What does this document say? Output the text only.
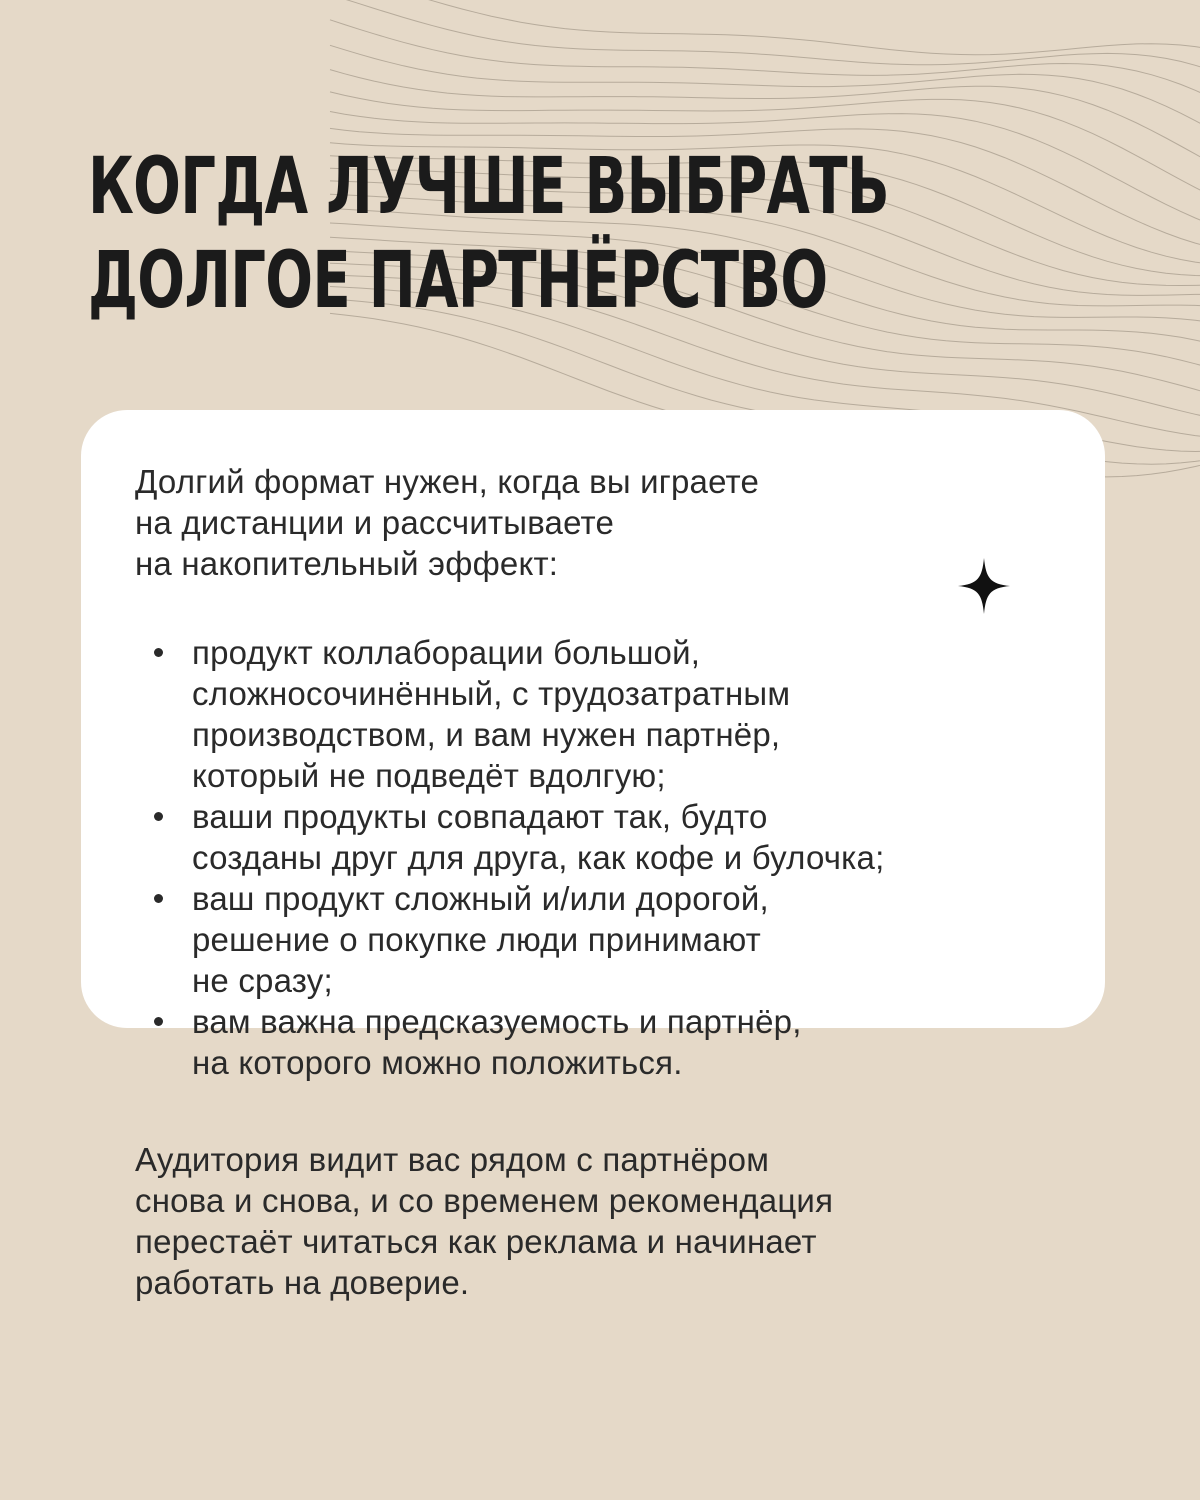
КОГДА ЛУЧШЕ ВЫБРАТЬ
ДОЛГОЕ ПАРТНЁРСТВО
Долгий формат нужен, когда вы играете
на дистанции и рассчитываете
на накопительный эффект:
продукт коллаборации большой,
сложносочинённый, с трудозатратным
производством, и вам нужен партнёр,
который не подведёт вдолгую;
ваши продукты совпадают так, будто
созданы друг для друга, как кофе и булочка;
ваш продукт сложный и/или дорогой,
решение о покупке люди принимают
не сразу;
вам важна предсказуемость и партнёр,
на которого можно положиться.
Аудитория видит вас рядом с партнёром
снова и снова, и со временем рекомендация
перестаёт читаться как реклама и начинает
работать на доверие.
